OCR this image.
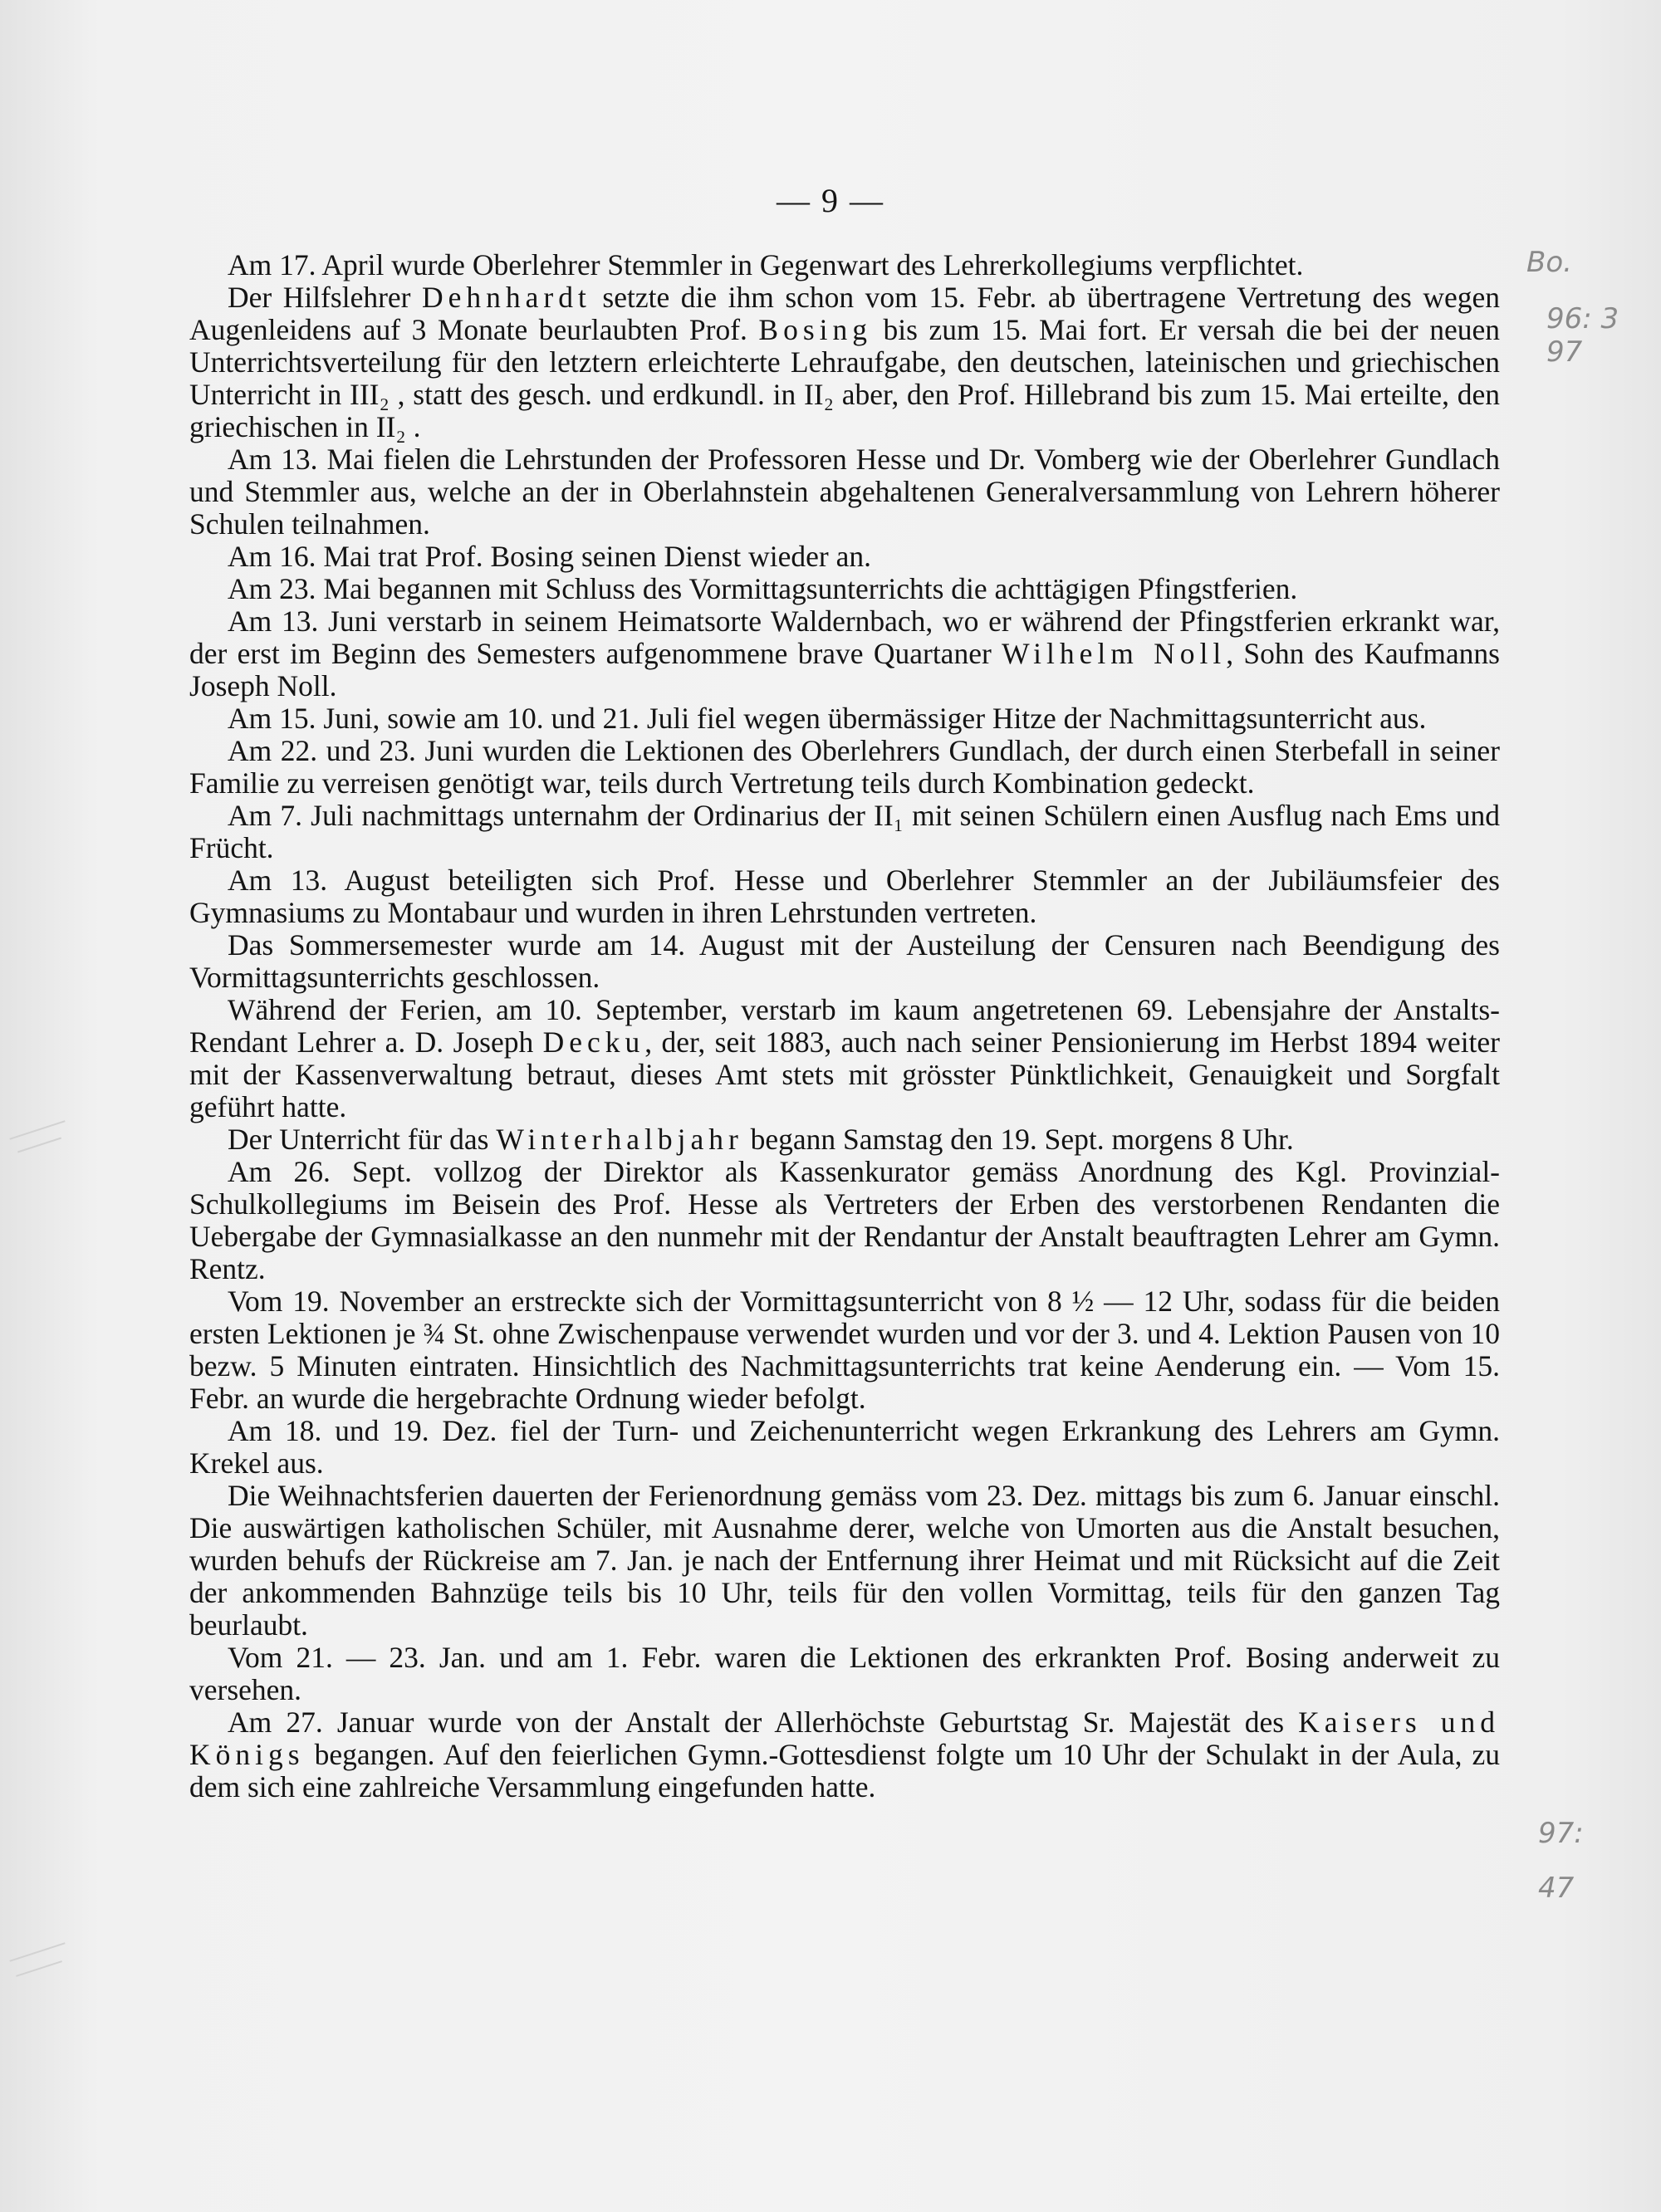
— 9 —

Am 17. April wurde Oberlehrer Stemmler in Gegenwart des Lehrerkollegiums verpflichtet.

Der Hilfslehrer Dehnhardt setzte die ihm schon vom 15. Febr. ab übertragene Vertretung des wegen Augenleidens auf 3 Monate beurlaubten Prof. Bosing bis zum 15. Mai fort. Er versah die bei der neuen Unterrichtsverteilung für den letztern erleichterte Lehraufgabe, den deutschen, lateinischen und griechischen Unterricht in III₂ , statt des gesch. und erdkundl. in II₂ aber, den Prof. Hillebrand bis zum 15. Mai erteilte, den griechischen in II₂ .

Am 13. Mai fielen die Lehrstunden der Professoren Hesse und Dr. Vomberg wie der Oberlehrer Gundlach und Stemmler aus, welche an der in Oberlahnstein abgehaltenen Generalversammlung von Lehrern höherer Schulen teilnahmen.

Am 16. Mai trat Prof. Bosing seinen Dienst wieder an.

Am 23. Mai begannen mit Schluss des Vormittagsunterrichts die achttägigen Pfingstferien.

Am 13. Juni verstarb in seinem Heimatsorte Waldernbach, wo er während der Pfingstferien erkrankt war, der erst im Beginn des Semesters aufgenommene brave Quartaner Wilhelm Noll, Sohn des Kaufmanns Joseph Noll.

Am 15. Juni, sowie am 10. und 21. Juli fiel wegen übermässiger Hitze der Nachmittagsunterricht aus.

Am 22. und 23. Juni wurden die Lektionen des Oberlehrers Gundlach, der durch einen Sterbefall in seiner Familie zu verreisen genötigt war, teils durch Vertretung teils durch Kombination gedeckt.

Am 7. Juli nachmittags unternahm der Ordinarius der II₁ mit seinen Schülern einen Ausflug nach Ems und Frücht.

Am 13. August beteiligten sich Prof. Hesse und Oberlehrer Stemmler an der Jubiläumsfeier des Gymnasiums zu Montabaur und wurden in ihren Lehrstunden vertreten.

Das Sommersemester wurde am 14. August mit der Austeilung der Censuren nach Beendigung des Vormittagsunterrichts geschlossen.

Während der Ferien, am 10. September, verstarb im kaum angetretenen 69. Lebensjahre der Anstalts-Rendant Lehrer a. D. Joseph Decku, der, seit 1883, auch nach seiner Pensionierung im Herbst 1894 weiter mit der Kassenverwaltung betraut, dieses Amt stets mit grösster Pünktlichkeit, Genauigkeit und Sorgfalt geführt hatte.

Der Unterricht für das Winterhalbjahr begann Samstag den 19. Sept. morgens 8 Uhr.

Am 26. Sept. vollzog der Direktor als Kassenkurator gemäss Anordnung des Kgl. Provinzial-Schulkollegiums im Beisein des Prof. Hesse als Vertreters der Erben des verstorbenen Rendanten die Uebergabe der Gymnasialkasse an den nunmehr mit der Rendantur der Anstalt beauftragten Lehrer am Gymn. Rentz.

Vom 19. November an erstreckte sich der Vormittagsunterricht von 8 ½ — 12 Uhr, sodass für die beiden ersten Lektionen je ¾ St. ohne Zwischenpause verwendet wurden und vor der 3. und 4. Lektion Pausen von 10 bezw. 5 Minuten eintraten. Hinsichtlich des Nachmittagsunterrichts trat keine Aenderung ein. — Vom 15. Febr. an wurde die hergebrachte Ordnung wieder befolgt.

Am 18. und 19. Dez. fiel der Turn- und Zeichenunterricht wegen Erkrankung des Lehrers am Gymn. Krekel aus.

Die Weihnachtsferien dauerten der Ferienordnung gemäss vom 23. Dez. mittags bis zum 6. Januar einschl. Die auswärtigen katholischen Schüler, mit Ausnahme derer, welche von Umorten aus die Anstalt besuchen, wurden behufs der Rückreise am 7. Jan. je nach der Entfernung ihrer Heimat und mit Rücksicht auf die Zeit der ankommenden Bahnzüge teils bis 10 Uhr, teils für den vollen Vormittag, teils für den ganzen Tag beurlaubt.

Vom 21. — 23. Jan. und am 1. Febr. waren die Lektionen des erkrankten Prof. Bosing anderweit zu versehen.

Am 27. Januar wurde von der Anstalt der Allerhöchste Geburtstag Sr. Majestät des Kaisers und Königs begangen. Auf den feierlichen Gymn.-Gottesdienst folgte um 10 Uhr der Schulakt in der Aula, zu dem sich eine zahlreiche Versammlung eingefunden hatte.

Bo.
96: 3 97
97:
47
